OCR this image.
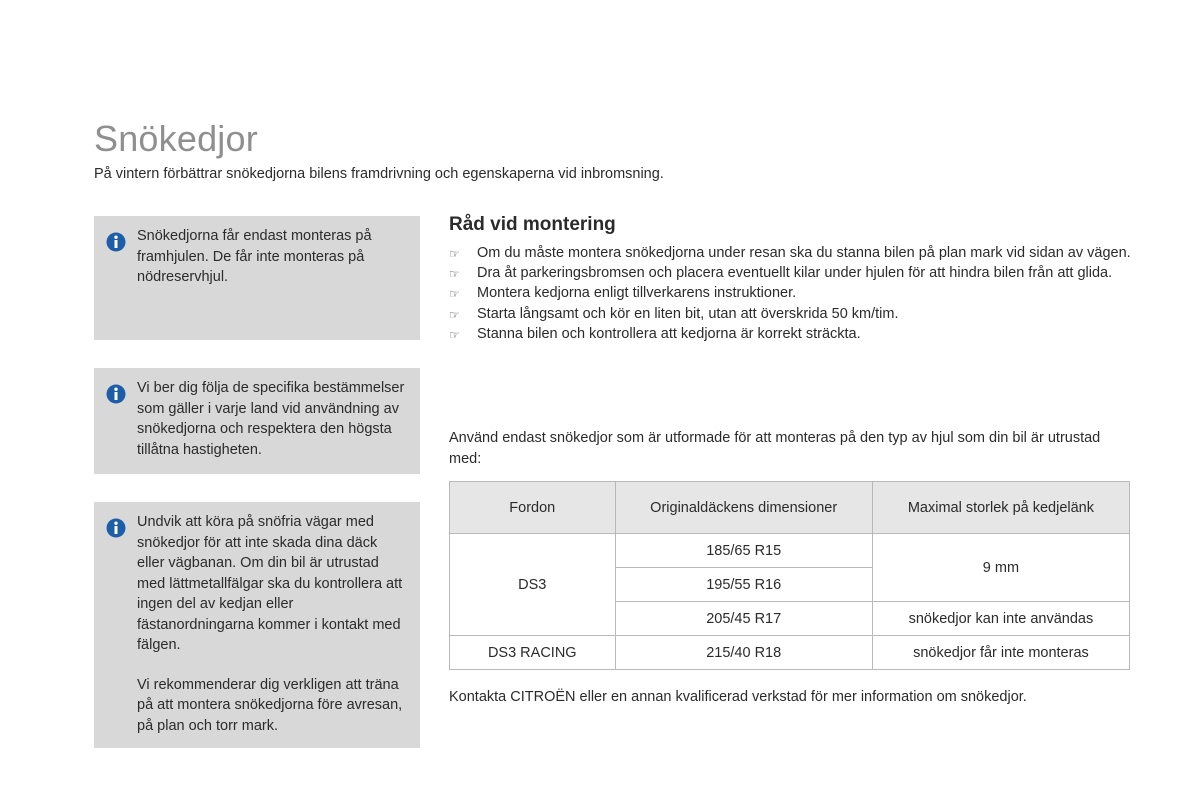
Snökedjor

På vintern förbättrar snökedjorna bilens framdrivning och egenskaperna vid inbromsning.

Snökedjorna får endast monteras på framhjulen. De får inte monteras på nödreservhjul.

Vi ber dig följa de specifika bestämmelser som gäller i varje land vid användning av snökedjorna och respektera den högsta tillåtna hastigheten.

Undvik att köra på snöfria vägar med snökedjor för att inte skada dina däck eller vägbanan. Om din bil är utrustad med lättmetallfälgar ska du kontrollera att ingen del av kedjan eller fästanordningarna kommer i kontakt med fälgen.

Vi rekommenderar dig verkligen att träna på att montera snökedjorna före avresan, på plan och torr mark.

Råd vid montering
☞ Om du måste montera snökedjorna under resan ska du stanna bilen på plan mark vid sidan av vägen.
☞ Dra åt parkeringsbromsen och placera eventuellt kilar under hjulen för att hindra bilen från att glida.
☞ Montera kedjorna enligt tillverkarens instruktioner.
☞ Starta långsamt och kör en liten bit, utan att överskrida 50 km/tim.
☞ Stanna bilen och kontrollera att kedjorna är korrekt sträckta.

Använd endast snökedjor som är utformade för att monteras på den typ av hjul som din bil är utrustad med:

Fordon	Originaldäckens dimensioner	Maximal storlek på kedjelänk
DS3	185/65 R15	9 mm
	195/55 R16	
	205/45 R17	snökedjor kan inte användas
DS3 RACING	215/40 R18	snökedjor får inte monteras

Kontakta CITROËN eller en annan kvalificerad verkstad för mer information om snökedjor.
